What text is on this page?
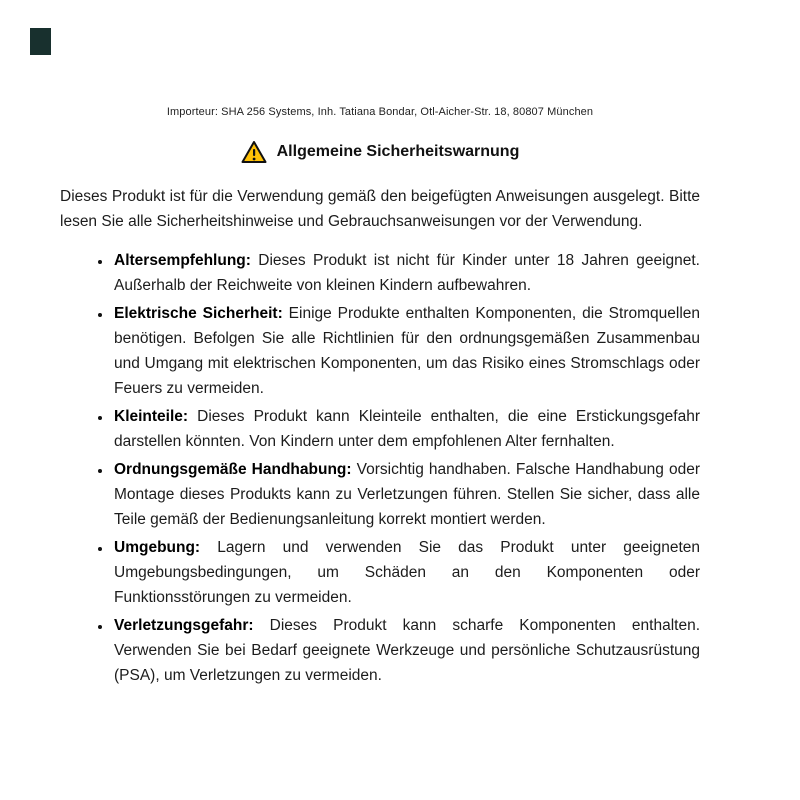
Importeur: SHA 256 Systems, Inh. Tatiana Bondar, Otl-Aicher-Str. 18, 80807 München

Allgemeine Sicherheitswarnung

Dieses Produkt ist für die Verwendung gemäß den beigefügten Anweisungen ausgelegt. Bitte lesen Sie alle Sicherheitshinweise und Gebrauchsanweisungen vor der Verwendung.

• Altersempfehlung: Dieses Produkt ist nicht für Kinder unter 18 Jahren geeignet. Außerhalb der Reichweite von kleinen Kindern aufbewahren.
• Elektrische Sicherheit: Einige Produkte enthalten Komponenten, die Stromquellen benötigen. Befolgen Sie alle Richtlinien für den ordnungsgemäßen Zusammenbau und Umgang mit elektrischen Komponenten, um das Risiko eines Stromschlags oder Feuers zu vermeiden.
• Kleinteile: Dieses Produkt kann Kleinteile enthalten, die eine Erstickungsgefahr darstellen könnten. Von Kindern unter dem empfohlenen Alter fernhalten.
• Ordnungsgemäße Handhabung: Vorsichtig handhaben. Falsche Handhabung oder Montage dieses Produkts kann zu Verletzungen führen. Stellen Sie sicher, dass alle Teile gemäß der Bedienungsanleitung korrekt montiert werden.
• Umgebung: Lagern und verwenden Sie das Produkt unter geeigneten Umgebungsbedingungen, um Schäden an den Komponenten oder Funktionsstörungen zu vermeiden.
• Verletzungsgefahr: Dieses Produkt kann scharfe Komponenten enthalten. Verwenden Sie bei Bedarf geeignete Werkzeuge und persönliche Schutzausrüstung (PSA), um Verletzungen zu vermeiden.
